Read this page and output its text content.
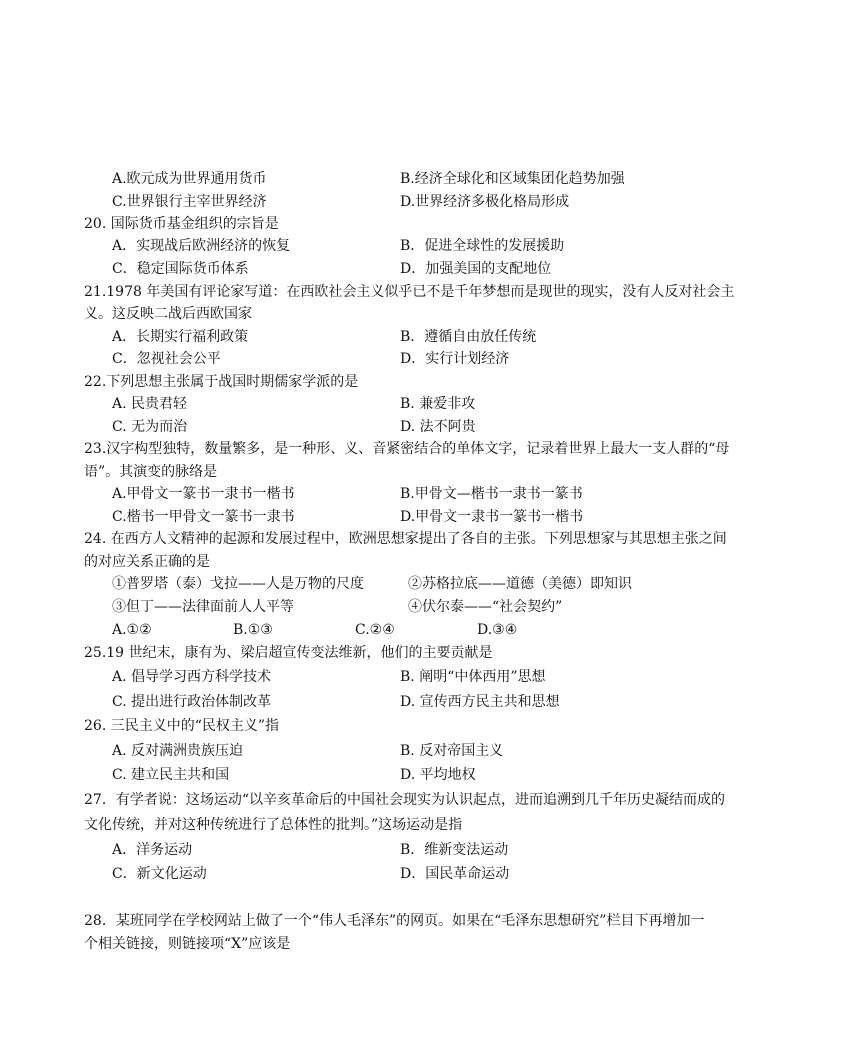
A.欧元成为世界通用货币	B.经济全球化和区域集团化趋势加强
C.世界银行主宰世界经济	D.世界经济多极化格局形成
20. 国际货币基金组织的宗旨是
A．实现战后欧洲经济的恢复	B．促进全球性的发展援助
C．稳定国际货币体系	D．加强美国的支配地位
21.1978 年美国有评论家写道：在西欧社会主义似乎已不是千年梦想而是现世的现实，没有人反对社会主
义。这反映二战后西欧国家
A．长期实行福利政策	B．遵循自由放任传统
C．忽视社会公平	D．实行计划经济
22.下列思想主张属于战国时期儒家学派的是
A. 民贵君轻	B. 兼爱非攻
C. 无为而治	D. 法不阿贵
23.汉字构型独特，数量繁多，是一种形、义、音紧密结合的单体文字，记录着世界上最大一支人群的“母
语”。其演变的脉络是
A.甲骨文一篆书一隶书一楷书	B.甲骨文—楷书一隶书一篆书
C.楷书一甲骨文一篆书一隶书	D.甲骨文一隶书一篆书一楷书
24. 在西方人文精神的起源和发展过程中，欧洲思想家提出了各自的主张。下列思想家与其思想主张之间
的对应关系正确的是
①普罗塔（泰）戈拉——人是万物的尺度	②苏格拉底——道德（美德）即知识
③但丁——法律面前人人平等	④伏尔泰——“社会契约”
A.①②	B.①③	C.②④	D.③④
25.19 世纪末，康有为、梁启超宣传变法维新，他们的主要贡献是
A. 倡导学习西方科学技术	B. 阐明“中体西用”思想
C. 提出进行政治体制改革	D. 宣传西方民主共和思想
26. 三民主义中的“民权主义”指
A. 反对满洲贵族压迫	B. 反对帝国主义
C. 建立民主共和国	D. 平均地权
27．有学者说：这场运动“以辛亥革命后的中国社会现实为认识起点，进而追溯到几千年历史凝结而成的
文化传统，并对这种传统进行了总体性的批判。”这场运动是指
A．洋务运动	B．维新变法运动
C．新文化运动	D．国民革命运动
28．某班同学在学校网站上做了一个“伟人毛泽东”的网页。如果在“毛泽东思想研究”栏目下再增加一
个相关链接，则链接项“X”应该是
